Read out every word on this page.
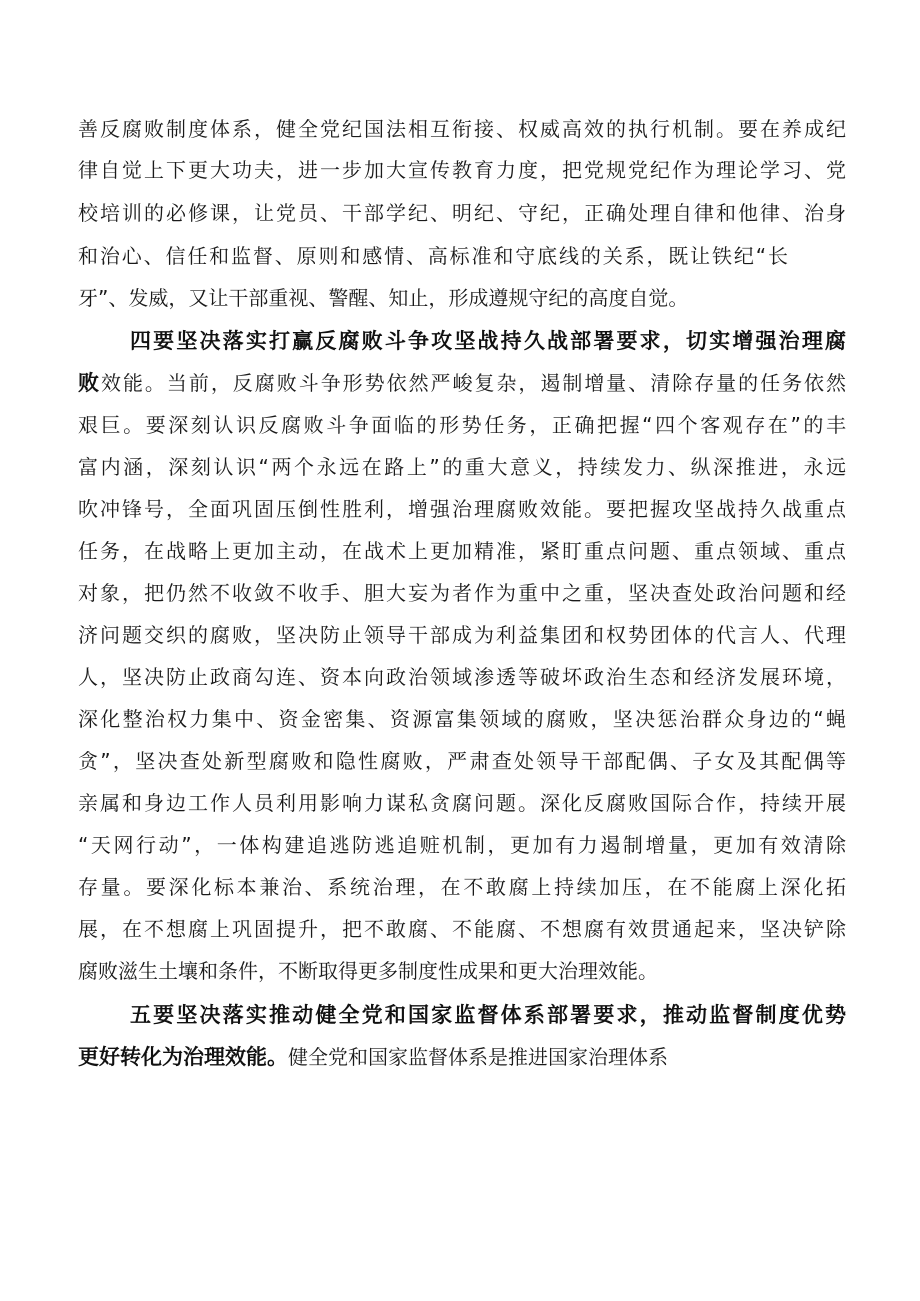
善反腐败制度体系，健全党纪国法相互衔接、权威高效的执行机制。要在养成纪
律自觉上下更大功夫，进一步加大宣传教育力度，把党规党纪作为理论学习、党
校培训的必修课，让党员、干部学纪、明纪、守纪，正确处理自律和他律、治身
和治心、信任和监督、原则和感情、高标准和守底线的关系，既让铁纪“长
牙”、发威，又让干部重视、警醒、知止，形成遵规守纪的高度自觉。
四要坚决落实打赢反腐败斗争攻坚战持久战部署要求，切实增强治理腐
败效能。当前，反腐败斗争形势依然严峻复杂，遏制增量、清除存量的任务依然
艰巨。要深刻认识反腐败斗争面临的形势任务，正确把握“四个客观存在”的丰
富内涵，深刻认识“两个永远在路上”的重大意义，持续发力、纵深推进，永远
吹冲锋号，全面巩固压倒性胜利，增强治理腐败效能。要把握攻坚战持久战重点
任务，在战略上更加主动，在战术上更加精准，紧盯重点问题、重点领域、重点
对象，把仍然不收敛不收手、胆大妄为者作为重中之重，坚决查处政治问题和经
济问题交织的腐败，坚决防止领导干部成为利益集团和权势团体的代言人、代理
人，坚决防止政商勾连、资本向政治领域渗透等破坏政治生态和经济发展环境，
深化整治权力集中、资金密集、资源富集领域的腐败，坚决惩治群众身边的“蝇
贪”，坚决查处新型腐败和隐性腐败，严肃查处领导干部配偶、子女及其配偶等
亲属和身边工作人员利用影响力谋私贪腐问题。深化反腐败国际合作，持续开展
“天网行动”，一体构建追逃防逃追赃机制，更加有力遏制增量，更加有效清除
存量。要深化标本兼治、系统治理，在不敢腐上持续加压，在不能腐上深化拓
展，在不想腐上巩固提升，把不敢腐、不能腐、不想腐有效贯通起来，坚决铲除
腐败滋生土壤和条件，不断取得更多制度性成果和更大治理效能。
五要坚决落实推动健全党和国家监督体系部署要求，推动监督制度优势
更好转化为治理效能。健全党和国家监督体系是推进国家治理体系
